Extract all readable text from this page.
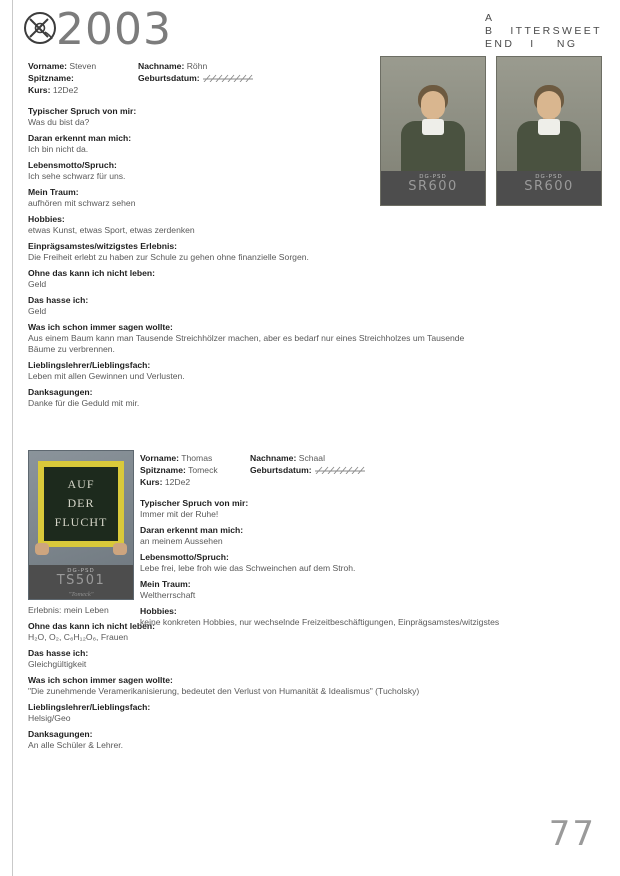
2003	A
B   ITTERSWEET
END   I    NG
DG-PSD
SR600
DG-PSD
SR600
Vorname: Steven	Nachname: Röhn
Spitzname:	Geburtsdatum:
Kurs: 12De2
Typischer Spruch von mir:
Was du bist da?
Daran erkennt man mich:
Ich bin nicht da.
Lebensmotto/Spruch:
Ich sehe schwarz für uns.
Mein Traum:
aufhören mit schwarz sehen
Hobbies:
etwas Kunst, etwas Sport, etwas zerdenken
Einprägsamstes/witzigstes Erlebnis:
Die Freiheit erlebt zu haben zur Schule zu gehen ohne finanzielle Sorgen.
Ohne das kann ich nicht leben:
Geld
Das hasse ich:
Geld
Was ich schon immer sagen wollte:
Aus einem Baum kann man Tausende Streichhölzer machen, aber es bedarf nur eines Streichholzes um Tausende
Bäume zu verbrennen.
Lieblingslehrer/Lieblingsfach:
Leben mit allen Gewinnen und Verlusten.
Danksagungen:
Danke für die Geduld mit mir.
AUF
DER
FLUCHT
DG-PSD
TS501
"Tomeck"
Vorname: Thomas	Nachname: Schaal
Spitzname: Tomeck	Geburtsdatum:
Kurs: 12De2
Typischer Spruch von mir:
Immer mit der Ruhe!
Daran erkennt man mich:
an meinem Aussehen
Lebensmotto/Spruch:
Lebe frei, lebe froh wie das Schweinchen auf dem Stroh.
Mein Traum:
Weltherrschaft
Hobbies:
keine konkreten Hobbies, nur wechselnde Freizeitbeschäftigungen, Einprägsamstes/witzigstes
Erlebnis: mein Leben
Ohne das kann ich nicht leben:
H₂O, O₂, C₆H₁₂O₆, Frauen
Das hasse ich:
Gleichgültigkeit
Was ich schon immer sagen wollte:
"Die zunehmende Veramerikanisierung, bedeutet den Verlust von Humanität & Idealismus" (Tucholsky)
Lieblingslehrer/Lieblingsfach:
Helsig/Geo
Danksagungen:
An alle Schüler & Lehrer.
77
